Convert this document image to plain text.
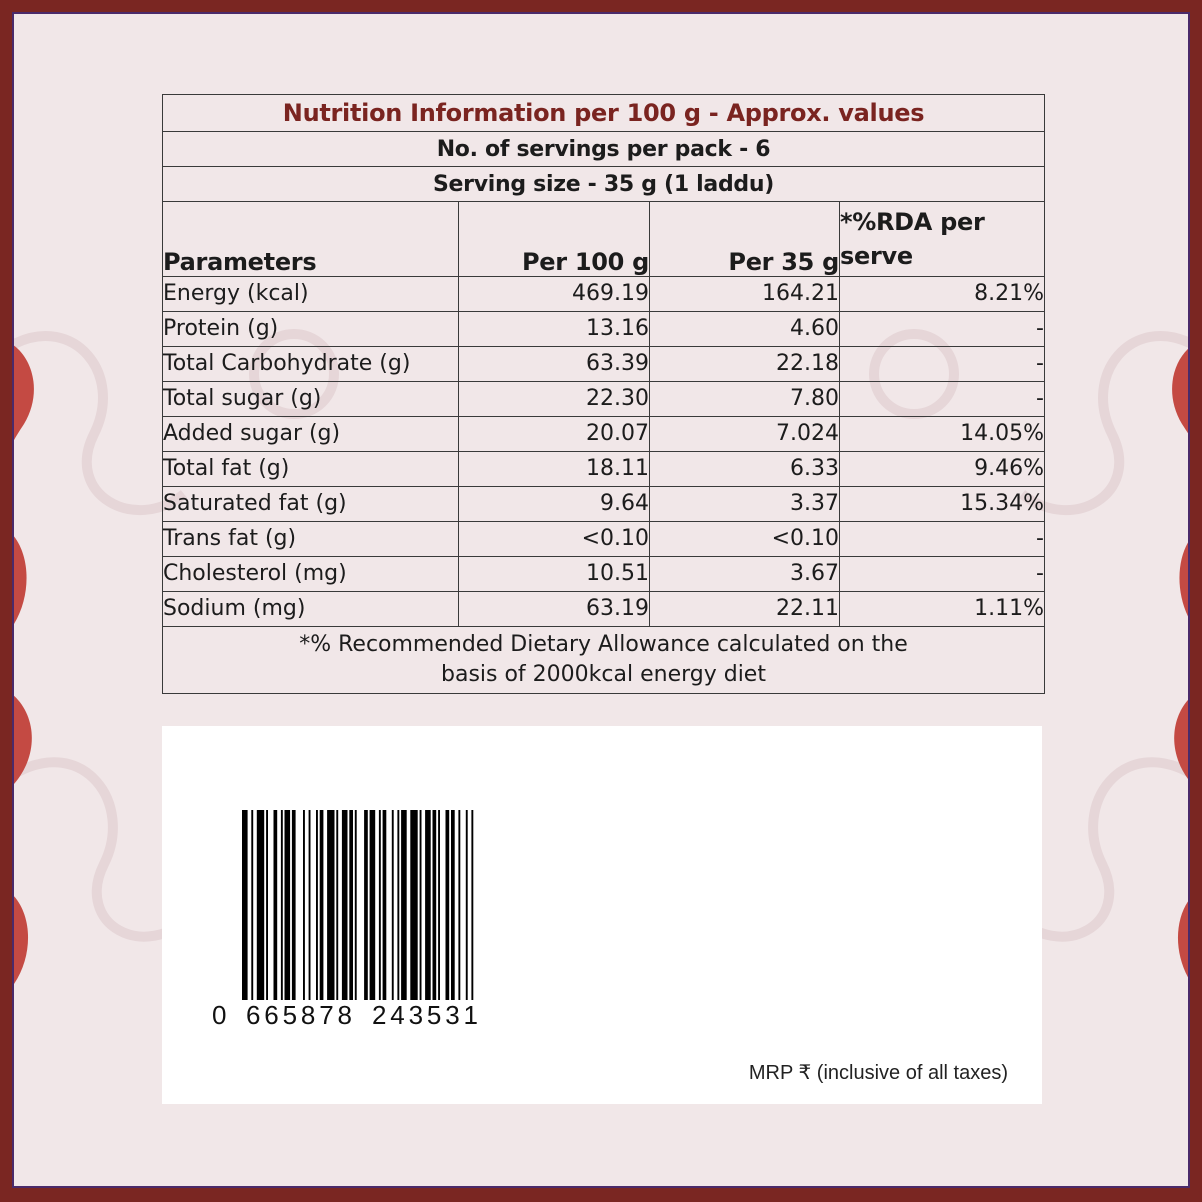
Nutrition Information per 100 g - Approx. values			
No. of servings per pack - 6			
Serving size - 35 g (1 laddu)			
Parameters	Per 100 g	Per 35 g	*%RDA per serve
Energy (kcal)	469.19	164.21	8.21%
Protein (g)	13.16	4.60	-
Total Carbohydrate (g)	63.39	22.18	-
Total sugar (g)	22.30	7.80	-
Added sugar (g)	20.07	7.024	14.05%
Total fat (g)	18.11	6.33	9.46%
Saturated fat (g)	9.64	3.37	15.34%
Trans fat (g)	<0.10	<0.10	-
Cholesterol (mg)	10.51	3.67	-
Sodium (mg)	63.19	22.11	1.11%

*% Recommended Dietary Allowance calculated on the
basis of 2000kcal energy diet			
0 665878 243531
MRP ₹ (inclusive of all taxes)
